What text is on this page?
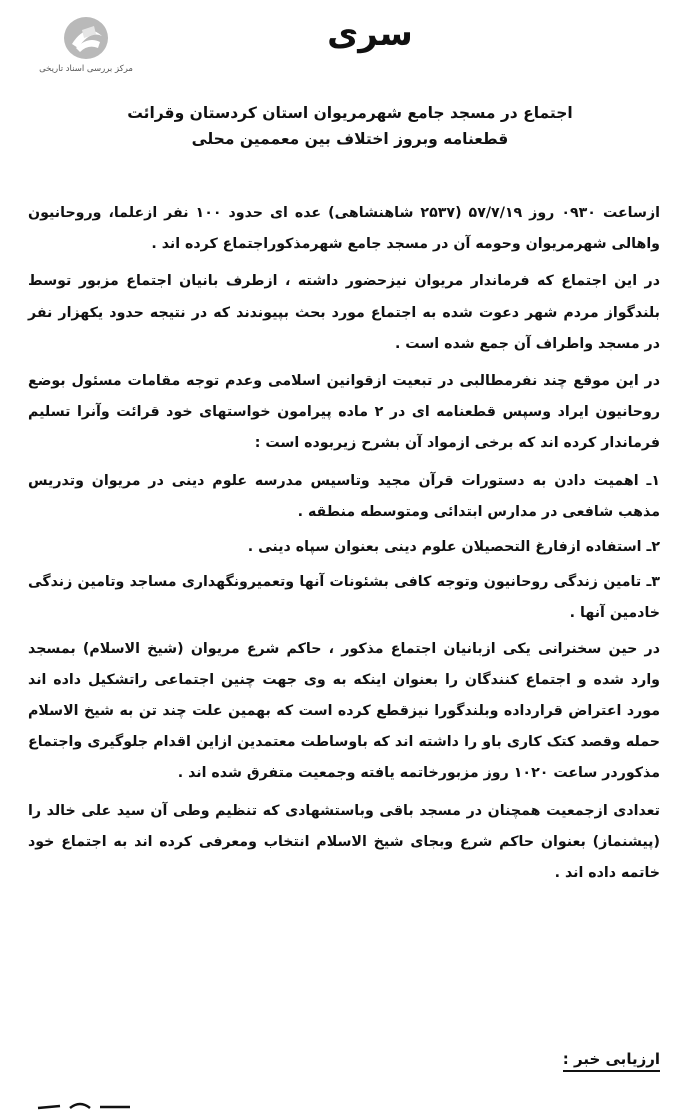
مرکز بررسی اسناد تاریخی
سری
اجتماع در مسجد جامع شهرمریوان استان کردستان وقرائت
قطعنامه وبروز اختلاف بین معممین محلی

ازساعت ۰۹۳۰ روز ۵۷/۷/۱۹ (۲۵۳۷ شاهنشاهی) عده ای حدود ۱۰۰ نفر ازعلما، وروحانیون واهالی شهرمریوان وحومه آن در مسجد جامع شهرمذکوراجتماع کرده اند .

در این اجتماع که فرماندار مریوان نیزحضور داشته ، ازطرف بانیان اجتماع مزبور توسط بلندگواز مردم شهر دعوت شده به اجتماع مورد بحث بپیوندند که در نتیجه حدود یکهزار نفر در مسجد واطراف آن جمع شده است .

در این موقع چند نفرمطالبی در تبعیت ازقوانین اسلامی وعدم توجه مقامات مسئول بوضع روحانیون ایراد وسپس قطعنامه ای در ۲ ماده پیرامون خواستهای خود قرائت وآنرا تسلیم فرماندار کرده اند که برخی ازمواد آن بشرح زیربوده است :

۱ـ اهمیت دادن به دستورات قرآن مجید وتاسیس مدرسه علوم دینی در مریوان وتدریس مذهب شافعی در مدارس ابتدائی ومتوسطه منطقه .
۲ـ استفاده ازفارغ التحصیلان علوم دینی بعنوان سپاه دینی .
۳ـ تامین زندگی روحانیون وتوجه کافی بشئونات آنها وتعمیرونگهداری مساجد وتامین زندگی خادمین آنها .

در حین سخنرانی یکی ازبانیان اجتماع مذکور ، حاکم شرع مریوان (شیخ الاسلام) بمسجد وارد شده و اجتماع کنندگان را بعنوان اینکه به وی جهت چنین اجتماعی راتشکیل داده اند مورد اعتراض قرارداده وبلندگورا نیزقطع کرده است که بهمین علت چند تن به شیخ الاسلام حمله وقصد کتک کاری باو را داشته اند که باوساطت معتمدین ازاین اقدام جلوگیری واجتماع مذکوردر ساعت ۱۰۲۰ روز مزبورخاتمه یافته وجمعیت متفرق شده اند .

تعدادی ازجمعیت همچنان در مسجد باقی وباستشهادی که تنظیم وطی آن سید علی خالد را (پیشنماز) بعنوان حاکم شرع وبجای شیخ الاسلام انتخاب ومعرفی کرده اند به اجتماع خود خاتمه داده اند .

ارزیابی خبر :
